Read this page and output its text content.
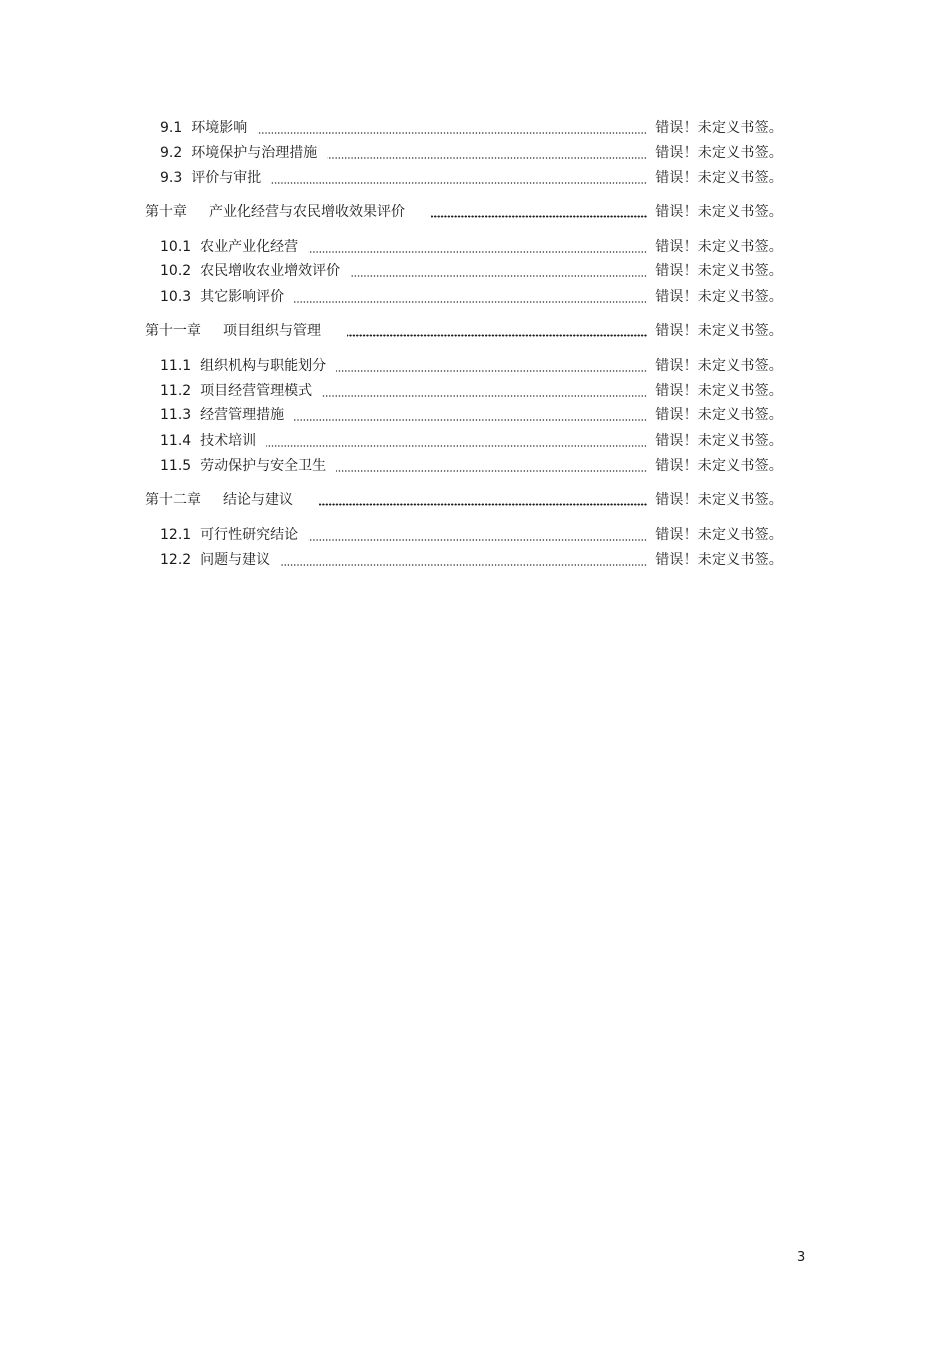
9.1 环境影响	错误！未定义书签。
9.2 环境保护与治理措施	错误！未定义书签。
9.3 评价与审批	错误！未定义书签。
第十章 产业化经营与农民增收效果评价	错误！未定义书签。
10.1 农业产业化经营	错误！未定义书签。
10.2 农民增收农业增效评价	错误！未定义书签。
10.3 其它影响评价	错误！未定义书签。
第十一章 项目组织与管理	错误！未定义书签。
11.1 组织机构与职能划分	错误！未定义书签。
11.2 项目经营管理模式	错误！未定义书签。
11.3 经营管理措施	错误！未定义书签。
11.4 技术培训	错误！未定义书签。
11.5 劳动保护与安全卫生	错误！未定义书签。
第十二章 结论与建议	错误！未定义书签。
12.1 可行性研究结论	错误！未定义书签。
12.2 问题与建议	错误！未定义书签。
3
